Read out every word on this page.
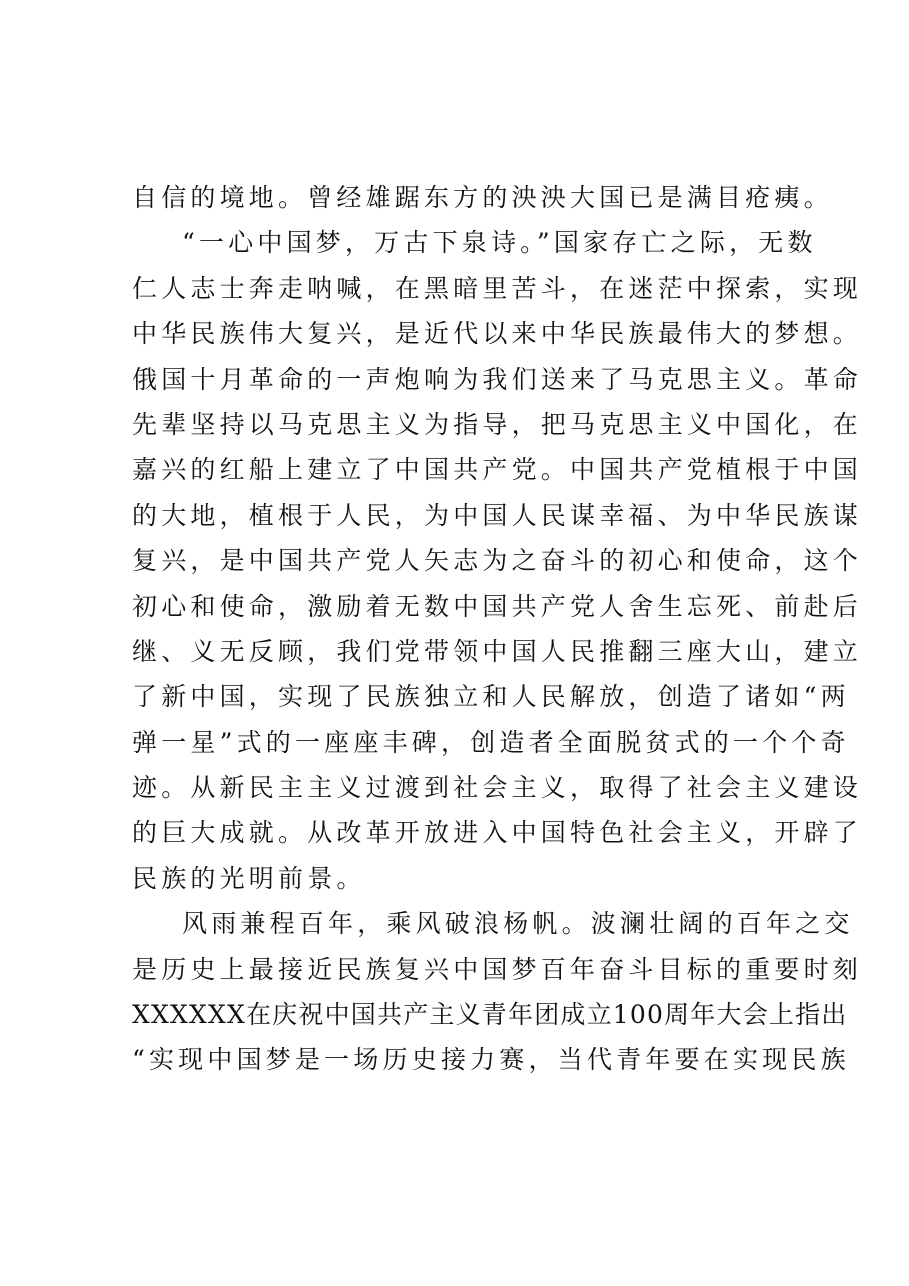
自信的境地。曾经雄踞东方的泱泱大国已是满目疮痍。
“一心中国梦，万古下泉诗。”国家存亡之际，无数
仁人志士奔走呐喊，在黑暗里苦斗，在迷茫中探索，实现
中华民族伟大复兴，是近代以来中华民族最伟大的梦想。
俄国十月革命的一声炮响为我们送来了马克思主义。革命
先辈坚持以马克思主义为指导，把马克思主义中国化，在
嘉兴的红船上建立了中国共产党。中国共产党植根于中国
的大地，植根于人民，为中国人民谋幸福、为中华民族谋
复兴，是中国共产党人矢志为之奋斗的初心和使命，这个
初心和使命，激励着无数中国共产党人舍生忘死、前赴后
继、义无反顾，我们党带领中国人民推翻三座大山，建立
了新中国，实现了民族独立和人民解放，创造了诸如“两
弹一星”式的一座座丰碑，创造者全面脱贫式的一个个奇
迹。从新民主主义过渡到社会主义，取得了社会主义建设
的巨大成就。从改革开放进入中国特色社会主义，开辟了
民族的光明前景。
风雨兼程百年，乘风破浪杨帆。波澜壮阔的百年之交
是历史上最接近民族复兴中国梦百年奋斗目标的重要时刻
XXXXXX在庆祝中国共产主义青年团成立100周年大会上指出
“实现中国梦是一场历史接力赛，当代青年要在实现民族
